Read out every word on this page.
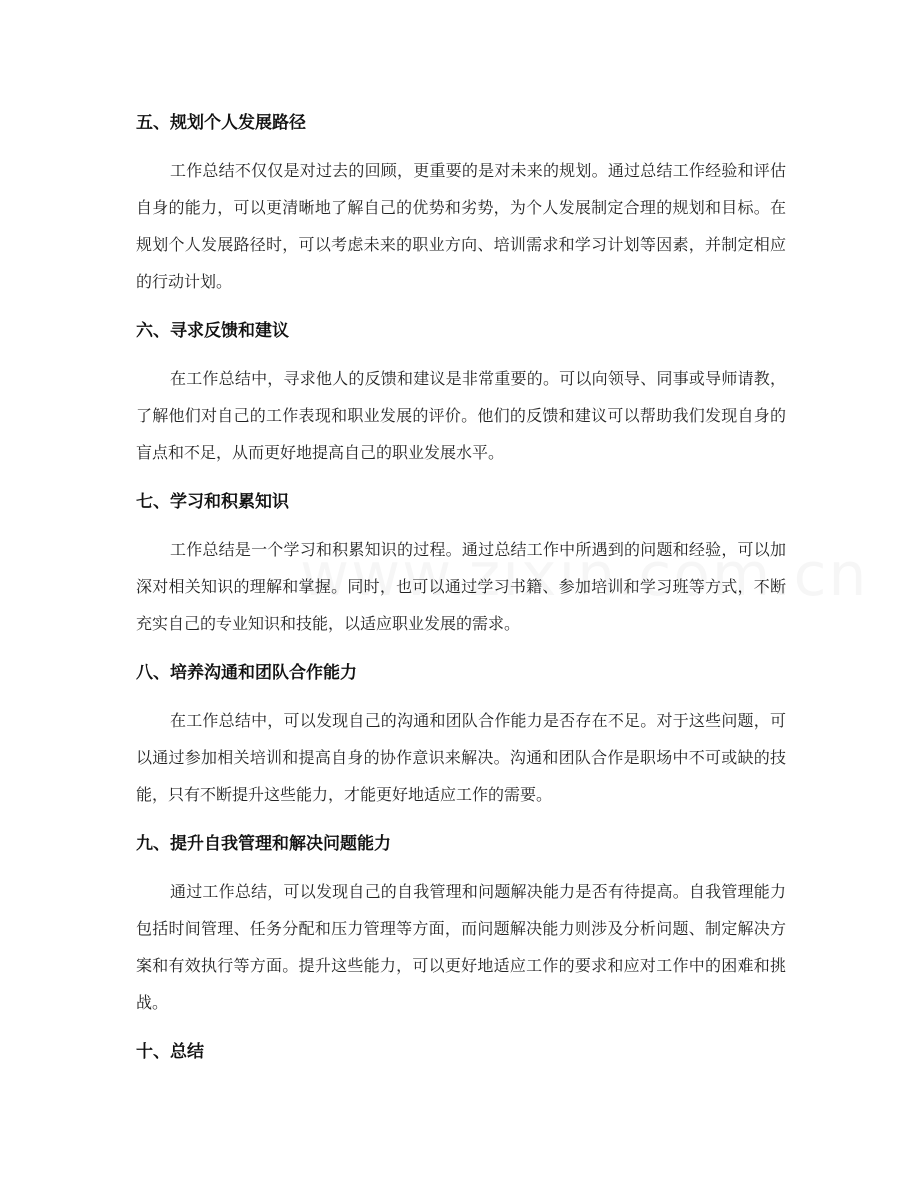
五、规划个人发展路径

工作总结不仅仅是对过去的回顾，更重要的是对未来的规划。通过总结工作经验和评估自身的能力，可以更清晰地了解自己的优势和劣势，为个人发展制定合理的规划和目标。在规划个人发展路径时，可以考虑未来的职业方向、培训需求和学习计划等因素，并制定相应的行动计划。

六、寻求反馈和建议

在工作总结中，寻求他人的反馈和建议是非常重要的。可以向领导、同事或导师请教，了解他们对自己的工作表现和职业发展的评价。他们的反馈和建议可以帮助我们发现自身的盲点和不足，从而更好地提高自己的职业发展水平。

七、学习和积累知识

工作总结是一个学习和积累知识的过程。通过总结工作中所遇到的问题和经验，可以加深对相关知识的理解和掌握。同时，也可以通过学习书籍、参加培训和学习班等方式，不断充实自己的专业知识和技能，以适应职业发展的需求。

八、培养沟通和团队合作能力

在工作总结中，可以发现自己的沟通和团队合作能力是否存在不足。对于这些问题，可以通过参加相关培训和提高自身的协作意识来解决。沟通和团队合作是职场中不可或缺的技能，只有不断提升这些能力，才能更好地适应工作的需要。

九、提升自我管理和解决问题能力

通过工作总结，可以发现自己的自我管理和问题解决能力是否有待提高。自我管理能力包括时间管理、任务分配和压力管理等方面，而问题解决能力则涉及分析问题、制定解决方案和有效执行等方面。提升这些能力，可以更好地适应工作的要求和应对工作中的困难和挑战。

十、总结
